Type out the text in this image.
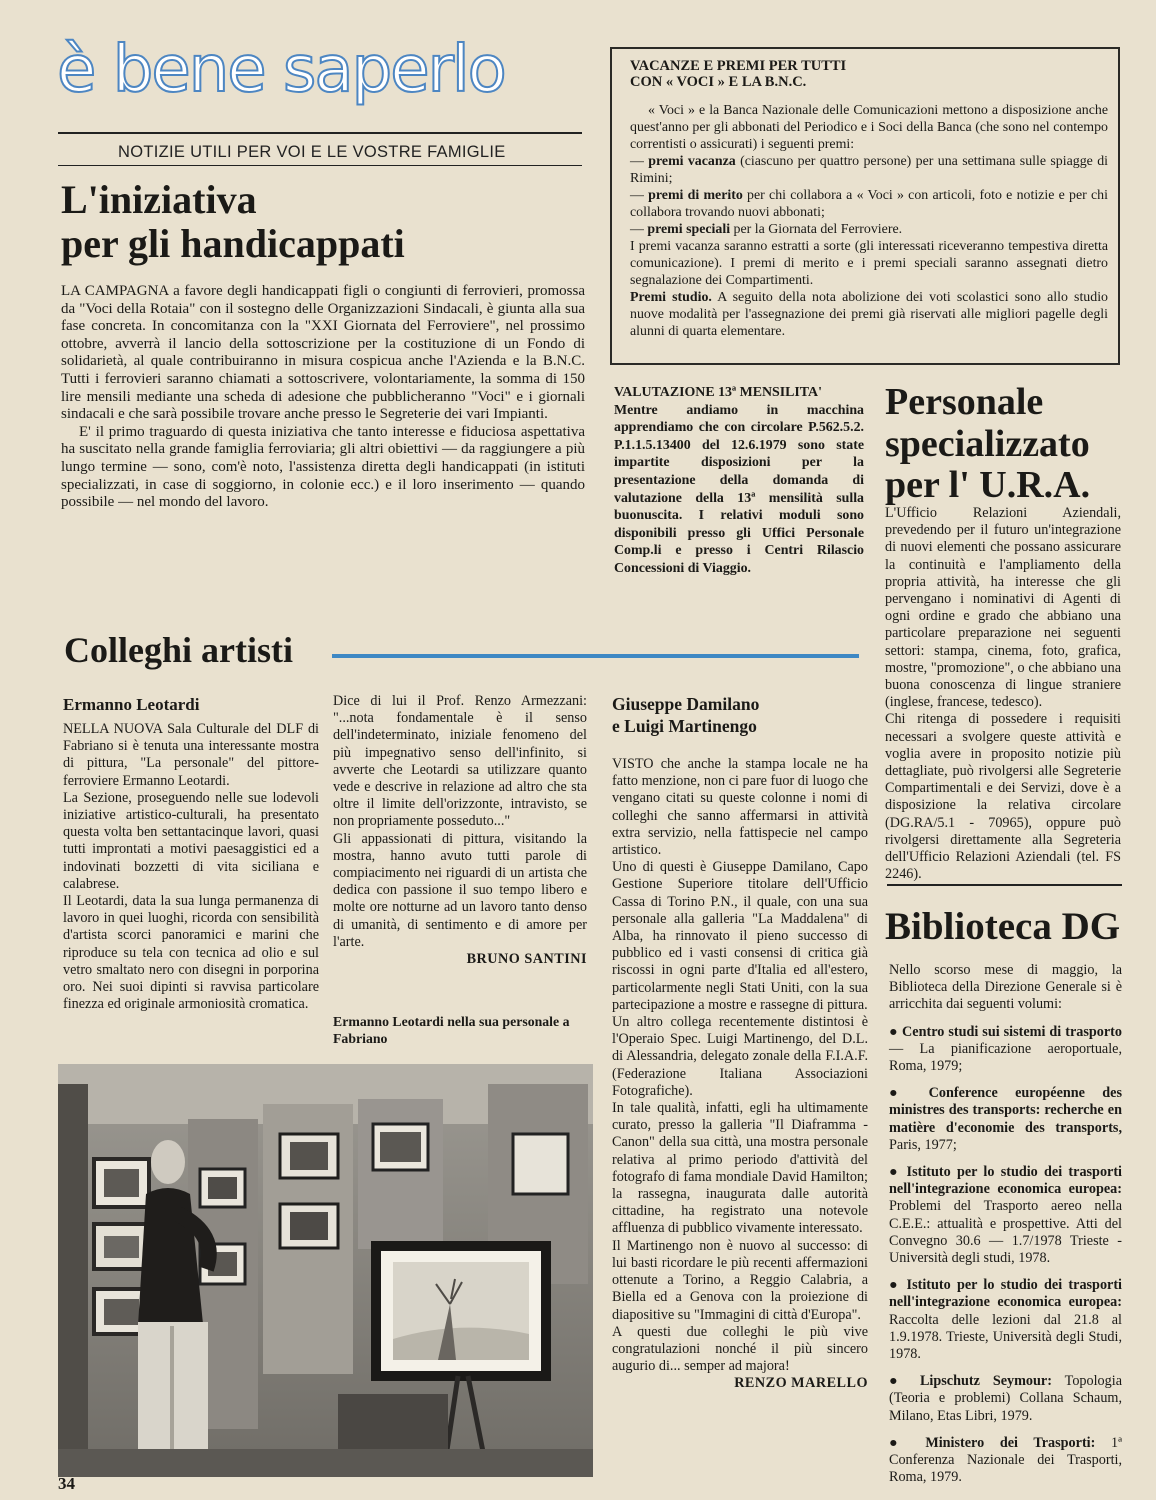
è bene saperlo
NOTIZIE UTILI PER VOI E LE VOSTRE FAMIGLIE
L'iniziativa
per gli handicappati

LA CAMPAGNA a favore degli handicappati figli o congiunti di ferrovieri, promossa da "Voci della Rotaia" con il sostegno delle Organizzazioni Sindacali, è giunta alla sua fase concreta. In concomitanza con la "XXI Giornata del Ferroviere", nel prossimo ottobre, avverrà il lancio della sottoscrizione per la costituzione di un Fondo di solidarietà, al quale contribuiranno in misura cospicua anche l'Azienda e la B.N.C. Tutti i ferrovieri saranno chiamati a sottoscrivere, volontariamente, la somma di 150 lire mensili mediante una scheda di adesione che pubblicheranno "Voci" e i giornali sindacali e che sarà possibile trovare anche presso le Segreterie dei vari Impianti.

E' il primo traguardo di questa iniziativa che tanto interesse e fiduciosa aspettativa ha suscitato nella grande famiglia ferroviaria; gli altri obiettivi — da raggiungere a più lungo termine — sono, com'è noto, l'assistenza diretta degli handicappati (in istituti specializzati, in case di soggiorno, in colonie ecc.) e il loro inserimento — quando possibile — nel mondo del lavoro.

VACANZE E PREMI PER TUTTI
CON « VOCI » E LA B.N.C.

« Voci » e la Banca Nazionale delle Comunicazioni mettono a disposizione anche quest'anno per gli abbonati del Periodico e i Soci della Banca (che sono nel contempo correntisti o assicurati) i seguenti premi:

— premi vacanza (ciascuno per quattro persone) per una settimana sulle spiagge di Rimini;

— premi di merito per chi collabora a « Voci » con articoli, foto e notizie e per chi collabora trovando nuovi abbonati;

— premi speciali per la Giornata del Ferroviere.

I premi vacanza saranno estratti a sorte (gli interessati riceveranno tempestiva diretta comunicazione). I premi di merito e i premi speciali saranno assegnati dietro segnalazione dei Compartimenti.

Premi studio. A seguito della nota abolizione dei voti scolastici sono allo studio nuove modalità per l'assegnazione dei premi già riservati alle migliori pagelle degli alunni di quarta elementare.

VALUTAZIONE 13ª MENSILITA'
Mentre andiamo in macchina apprendiamo che con circolare P.562.5.2. P.1.1.5.13400 del 12.6.1979 sono state impartite disposizioni per la presentazione della domanda di valutazione della 13ª mensilità sulla buonuscita. I relativi moduli sono disponibili presso gli Uffici Personale Comp.li e presso i Centri Rilascio Concessioni di Viaggio.
Personale
specializzato
per l' U.R.A.

L'Ufficio Relazioni Aziendali, prevedendo per il futuro un'integrazione di nuovi elementi che possano assicurare la continuità e l'ampliamento della propria attività, ha interesse che gli pervengano i nominativi di Agenti di ogni ordine e grado che abbiano una particolare preparazione nei seguenti settori: stampa, cinema, foto, grafica, mostre, "promozione", o che abbiano una buona conoscenza di lingue straniere (inglese, francese, tedesco).

Chi ritenga di possedere i requisiti necessari a svolgere queste attività e voglia avere in proposito notizie più dettagliate, può rivolgersi alle Segreterie Compartimentali e dei Servizi, dove è a disposizione la relativa circolare (DG.RA/5.1 - 70965), oppure può rivolgersi direttamente alla Segreteria dell'Ufficio Relazioni Aziendali (tel. FS 2246).

Colleghi artisti
Ermanno Leotardi

NELLA NUOVA Sala Culturale del DLF di Fabriano si è tenuta una interessante mostra di pittura, "La personale" del pittore-ferroviere Ermanno Leotardi.

La Sezione, proseguendo nelle sue lodevoli iniziative artistico-culturali, ha presentato questa volta ben settantacinque lavori, quasi tutti improntati a motivi paesaggistici ed a indovinati bozzetti di vita siciliana e calabrese.

Il Leotardi, data la sua lunga permanenza di lavoro in quei luoghi, ricorda con sensibilità d'artista scorci panoramici e marini che riproduce su tela con tecnica ad olio e sul vetro smaltato nero con disegni in porporina oro. Nei suoi dipinti si ravvisa particolare finezza ed originale armoniosità cromatica.

Dice di lui il Prof. Renzo Armezzani: "...nota fondamentale è il senso dell'indeterminato, iniziale fenomeno del più impegnativo senso dell'infinito, si avverte che Leotardi sa utilizzare quanto vede e descrive in relazione ad altro che sta oltre il limite dell'orizzonte, intravisto, se non propriamente posseduto..."

Gli appassionati di pittura, visitando la mostra, hanno avuto tutti parole di compiacimento nei riguardi di un artista che dedica con passione il suo tempo libero e molte ore notturne ad un lavoro tanto denso di umanità, di sentimento e di amore per l'arte.

BRUNO SANTINI

Ermanno Leotardi nella sua personale a Fabriano
Giuseppe Damilano
e Luigi Martinengo

VISTO che anche la stampa locale ne ha fatto menzione, non ci pare fuor di luogo che vengano citati su queste colonne i nomi di colleghi che sanno affermarsi in attività extra servizio, nella fattispecie nel campo artistico.

Uno di questi è Giuseppe Damilano, Capo Gestione Superiore titolare dell'Ufficio Cassa di Torino P.N., il quale, con una sua personale alla galleria "La Maddalena" di Alba, ha rinnovato il pieno successo di pubblico ed i vasti consensi di critica già riscossi in ogni parte d'Italia ed all'estero, particolarmente negli Stati Uniti, con la sua partecipazione a mostre e rassegne di pittura.

Un altro collega recentemente distintosi è l'Operaio Spec. Luigi Martinengo, del D.L. di Alessandria, delegato zonale della F.I.A.F. (Federazione Italiana Associazioni Fotografiche).

In tale qualità, infatti, egli ha ultimamente curato, presso la galleria "Il Diaframma - Canon" della sua città, una mostra personale relativa al primo periodo d'attività del fotografo di fama mondiale David Hamilton; la rassegna, inaugurata dalle autorità cittadine, ha registrato una notevole affluenza di pubblico vivamente interessato.

Il Martinengo non è nuovo al successo: di lui basti ricordare le più recenti affermazioni ottenute a Torino, a Reggio Calabria, a Biella ed a Genova con la proiezione di diapositive su "Immagini di città d'Europa".

A questi due colleghi le più vive congratulazioni nonché il più sincero augurio di... semper ad majora!

RENZO MARELLO

Biblioteca DG

Nello scorso mese di maggio, la Biblioteca della Direzione Generale si è arricchita dai seguenti volumi:

● Centro studi sui sistemi di trasporto — La pianificazione aeroportuale, Roma, 1979;

● Conference européenne des ministres des transports: recherche en matière d'economie des transports, Paris, 1977;

● Istituto per lo studio dei trasporti nell'integrazione economica europea: Problemi del Trasporto aereo nella C.E.E.: attualità e prospettive. Atti del Convegno 30.6 — 1.7/1978 Trieste - Università degli studi, 1978.

● Istituto per lo studio dei trasporti nell'integrazione economica europea: Raccolta delle lezioni dal 21.8 al 1.9.1978. Trieste, Università degli Studi, 1978.

● Lipschutz Seymour: Topologia (Teoria e problemi) Collana Schaum, Milano, Etas Libri, 1979.

● Ministero dei Trasporti: 1ª Conferenza Nazionale dei Trasporti, Roma, 1979.

34
